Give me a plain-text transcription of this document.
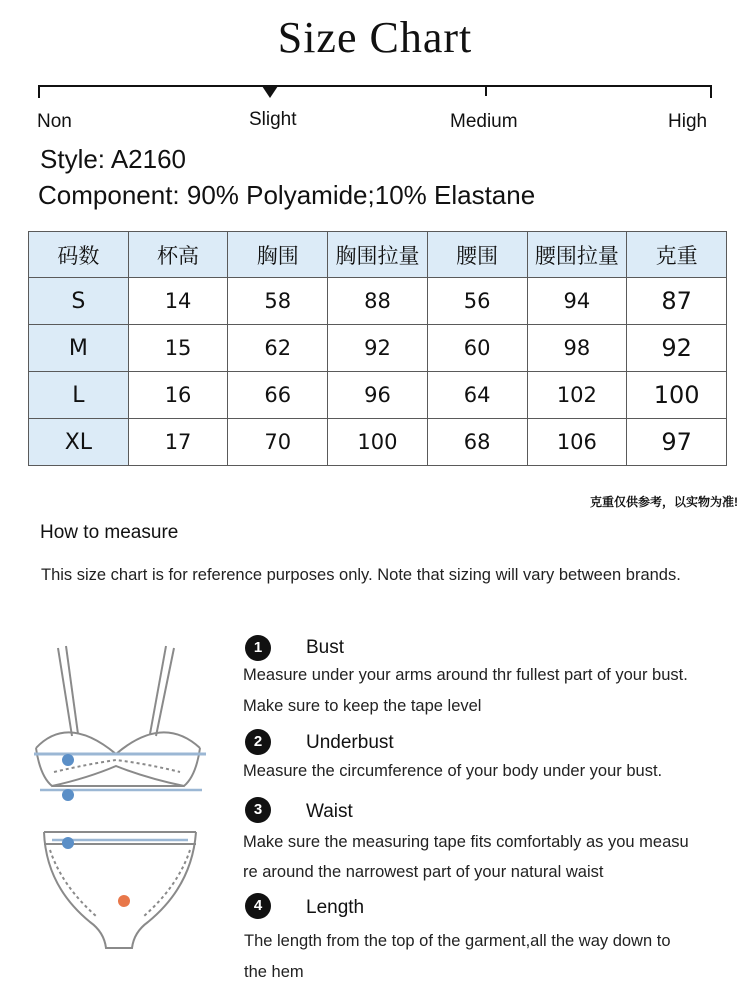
Size Chart
Non	Slight	Medium	High
Style: A2160
Component: 90% Polyamide;10% Elastane
码数	杯高	胸围	胸围拉量	腰围	腰围拉量	克重
S	14	58	88	56	94	87
M	15	62	92	60	98	92
L	16	66	96	64	102	100
XL	17	70	100	68	106	97
克重仅供参考，以实物为准!
How to measure
This size chart is for reference purposes only. Note that sizing will vary between brands.
1	Bust
Measure under your arms around thr fullest part of your bust.
Make sure to keep the tape level
2	Underbust
Measure the circumference of your body under your bust.
3	Waist
Make sure the measuring tape fits comfortably as you measu
re around the narrowest part of your natural waist
4	Length
The length from the top of the garment,all the way down to
the hem
